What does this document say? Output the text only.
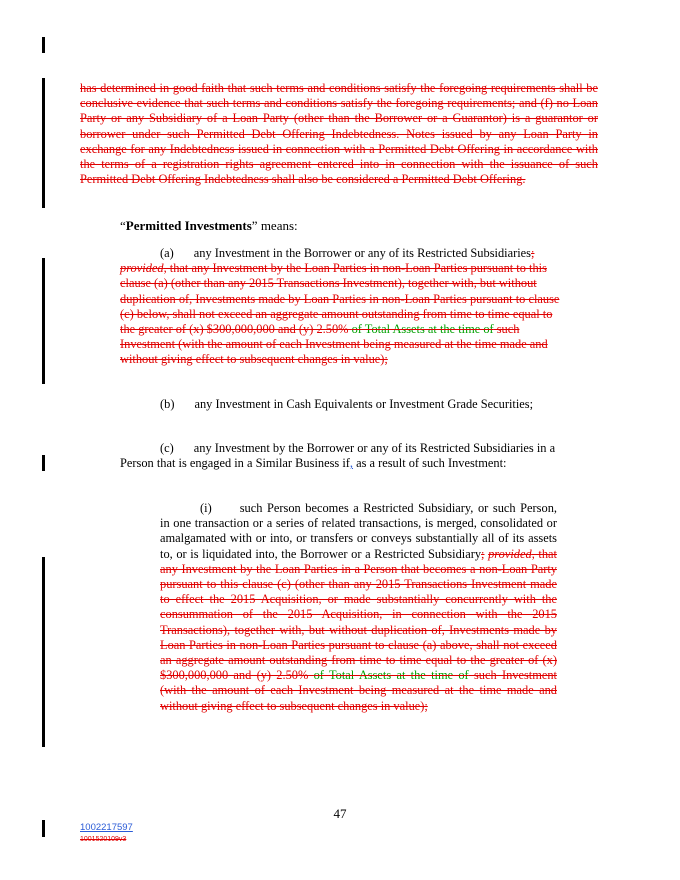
has determined in good faith that such terms and conditions satisfy the foregoing requirements shall be conclusive evidence that such terms and conditions satisfy the foregoing requirements; and (f) no Loan Party or any Subsidiary of a Loan Party (other than the Borrower or a Guarantor) is a guarantor or borrower under such Permitted Debt Offering Indebtedness. Notes issued by any Loan Party in exchange for any Indebtedness issued in connection with a Permitted Debt Offering in accordance with the terms of a registration rights agreement entered into in connection with the issuance of such Permitted Debt Offering Indebtedness shall also be considered a Permitted Debt Offering.

“Permitted Investments” means:

(a) any Investment in the Borrower or any of its Restricted Subsidiaries; provided, that any Investment by the Loan Parties in non-Loan Parties pursuant to this clause (a) (other than any 2015 Transactions Investment), together with, but without duplication of, Investments made by Loan Parties in non-Loan Parties pursuant to clause (c) below, shall not exceed an aggregate amount outstanding from time to time equal to the greater of (x) $300,000,000 and (y) 2.50% of Total Assets at the time of such Investment (with the amount of each Investment being measured at the time made and without giving effect to subsequent changes in value);

(b) any Investment in Cash Equivalents or Investment Grade Securities;

(c) any Investment by the Borrower or any of its Restricted Subsidiaries in a Person that is engaged in a Similar Business if, as a result of such Investment:

(i) such Person becomes a Restricted Subsidiary, or such Person, in one transaction or a series of related transactions, is merged, consolidated or amalgamated with or into, or transfers or conveys substantially all of its assets to, or is liquidated into, the Borrower or a Restricted Subsidiary; provided, that any Investment by the Loan Parties in a Person that becomes a non-Loan Party pursuant to this clause (c) (other than any 2015 Transactions Investment made to effect the 2015 Acquisition, or made substantially concurrently with the consummation of the 2015 Acquisition, in connection with the 2015 Transactions), together with, but without duplication of, Investments made by Loan Parties in non-Loan Parties pursuant to clause (a) above, shall not exceed an aggregate amount outstanding from time to time equal to the greater of (x) $300,000,000 and (y) 2.50% of Total Assets at the time of such Investment (with the amount of each Investment being measured at the time made and without giving effect to subsequent changes in value);

47
1002217597
1001520109v3
